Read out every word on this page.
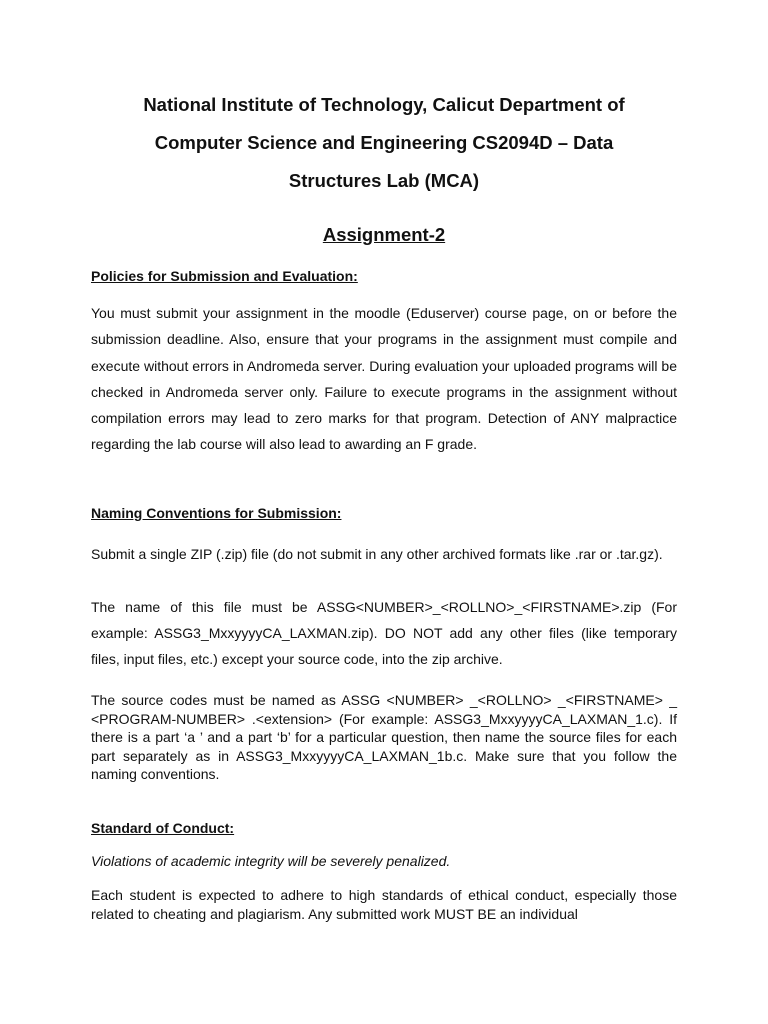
National Institute of Technology, Calicut Department of
Computer Science and Engineering CS2094D – Data
Structures Lab (MCA)
Assignment-2
Policies for Submission and Evaluation:

You must submit your assignment in the moodle (Eduserver) course page, on or before the submission deadline. Also, ensure that your programs in the assignment must compile and execute without errors in Andromeda server. During evaluation your uploaded programs will be checked in Andromeda server only. Failure to execute programs in the assignment without compilation errors may lead to zero marks for that program. Detection of ANY malpractice regarding the lab course will also lead to awarding an F grade.

Naming Conventions for Submission:

Submit a single ZIP (.zip) file (do not submit in any other archived formats like .rar or .tar.gz).

The name of this file must be ASSG<NUMBER>_<ROLLNO>_<FIRSTNAME>.zip (For example: ASSG3_MxxyyyyCA_LAXMAN.zip). DO NOT add any other files (like temporary files, input files, etc.) except your source code, into the zip archive.

The source codes must be named as ASSG <NUMBER> _<ROLLNO> _<FIRSTNAME> _ <PROGRAM-NUMBER> .<extension> (For example: ASSG3_MxxyyyyCA_LAXMAN_1.c). If there is a part ‘a ’ and a part ‘b’ for a particular question, then name the source files for each part separately as in ASSG3_MxxyyyyCA_LAXMAN_1b.c. Make sure that you follow the naming conventions.

Standard of Conduct:

Violations of academic integrity will be severely penalized.

Each student is expected to adhere to high standards of ethical conduct, especially those related to cheating and plagiarism. Any submitted work MUST BE an individual
